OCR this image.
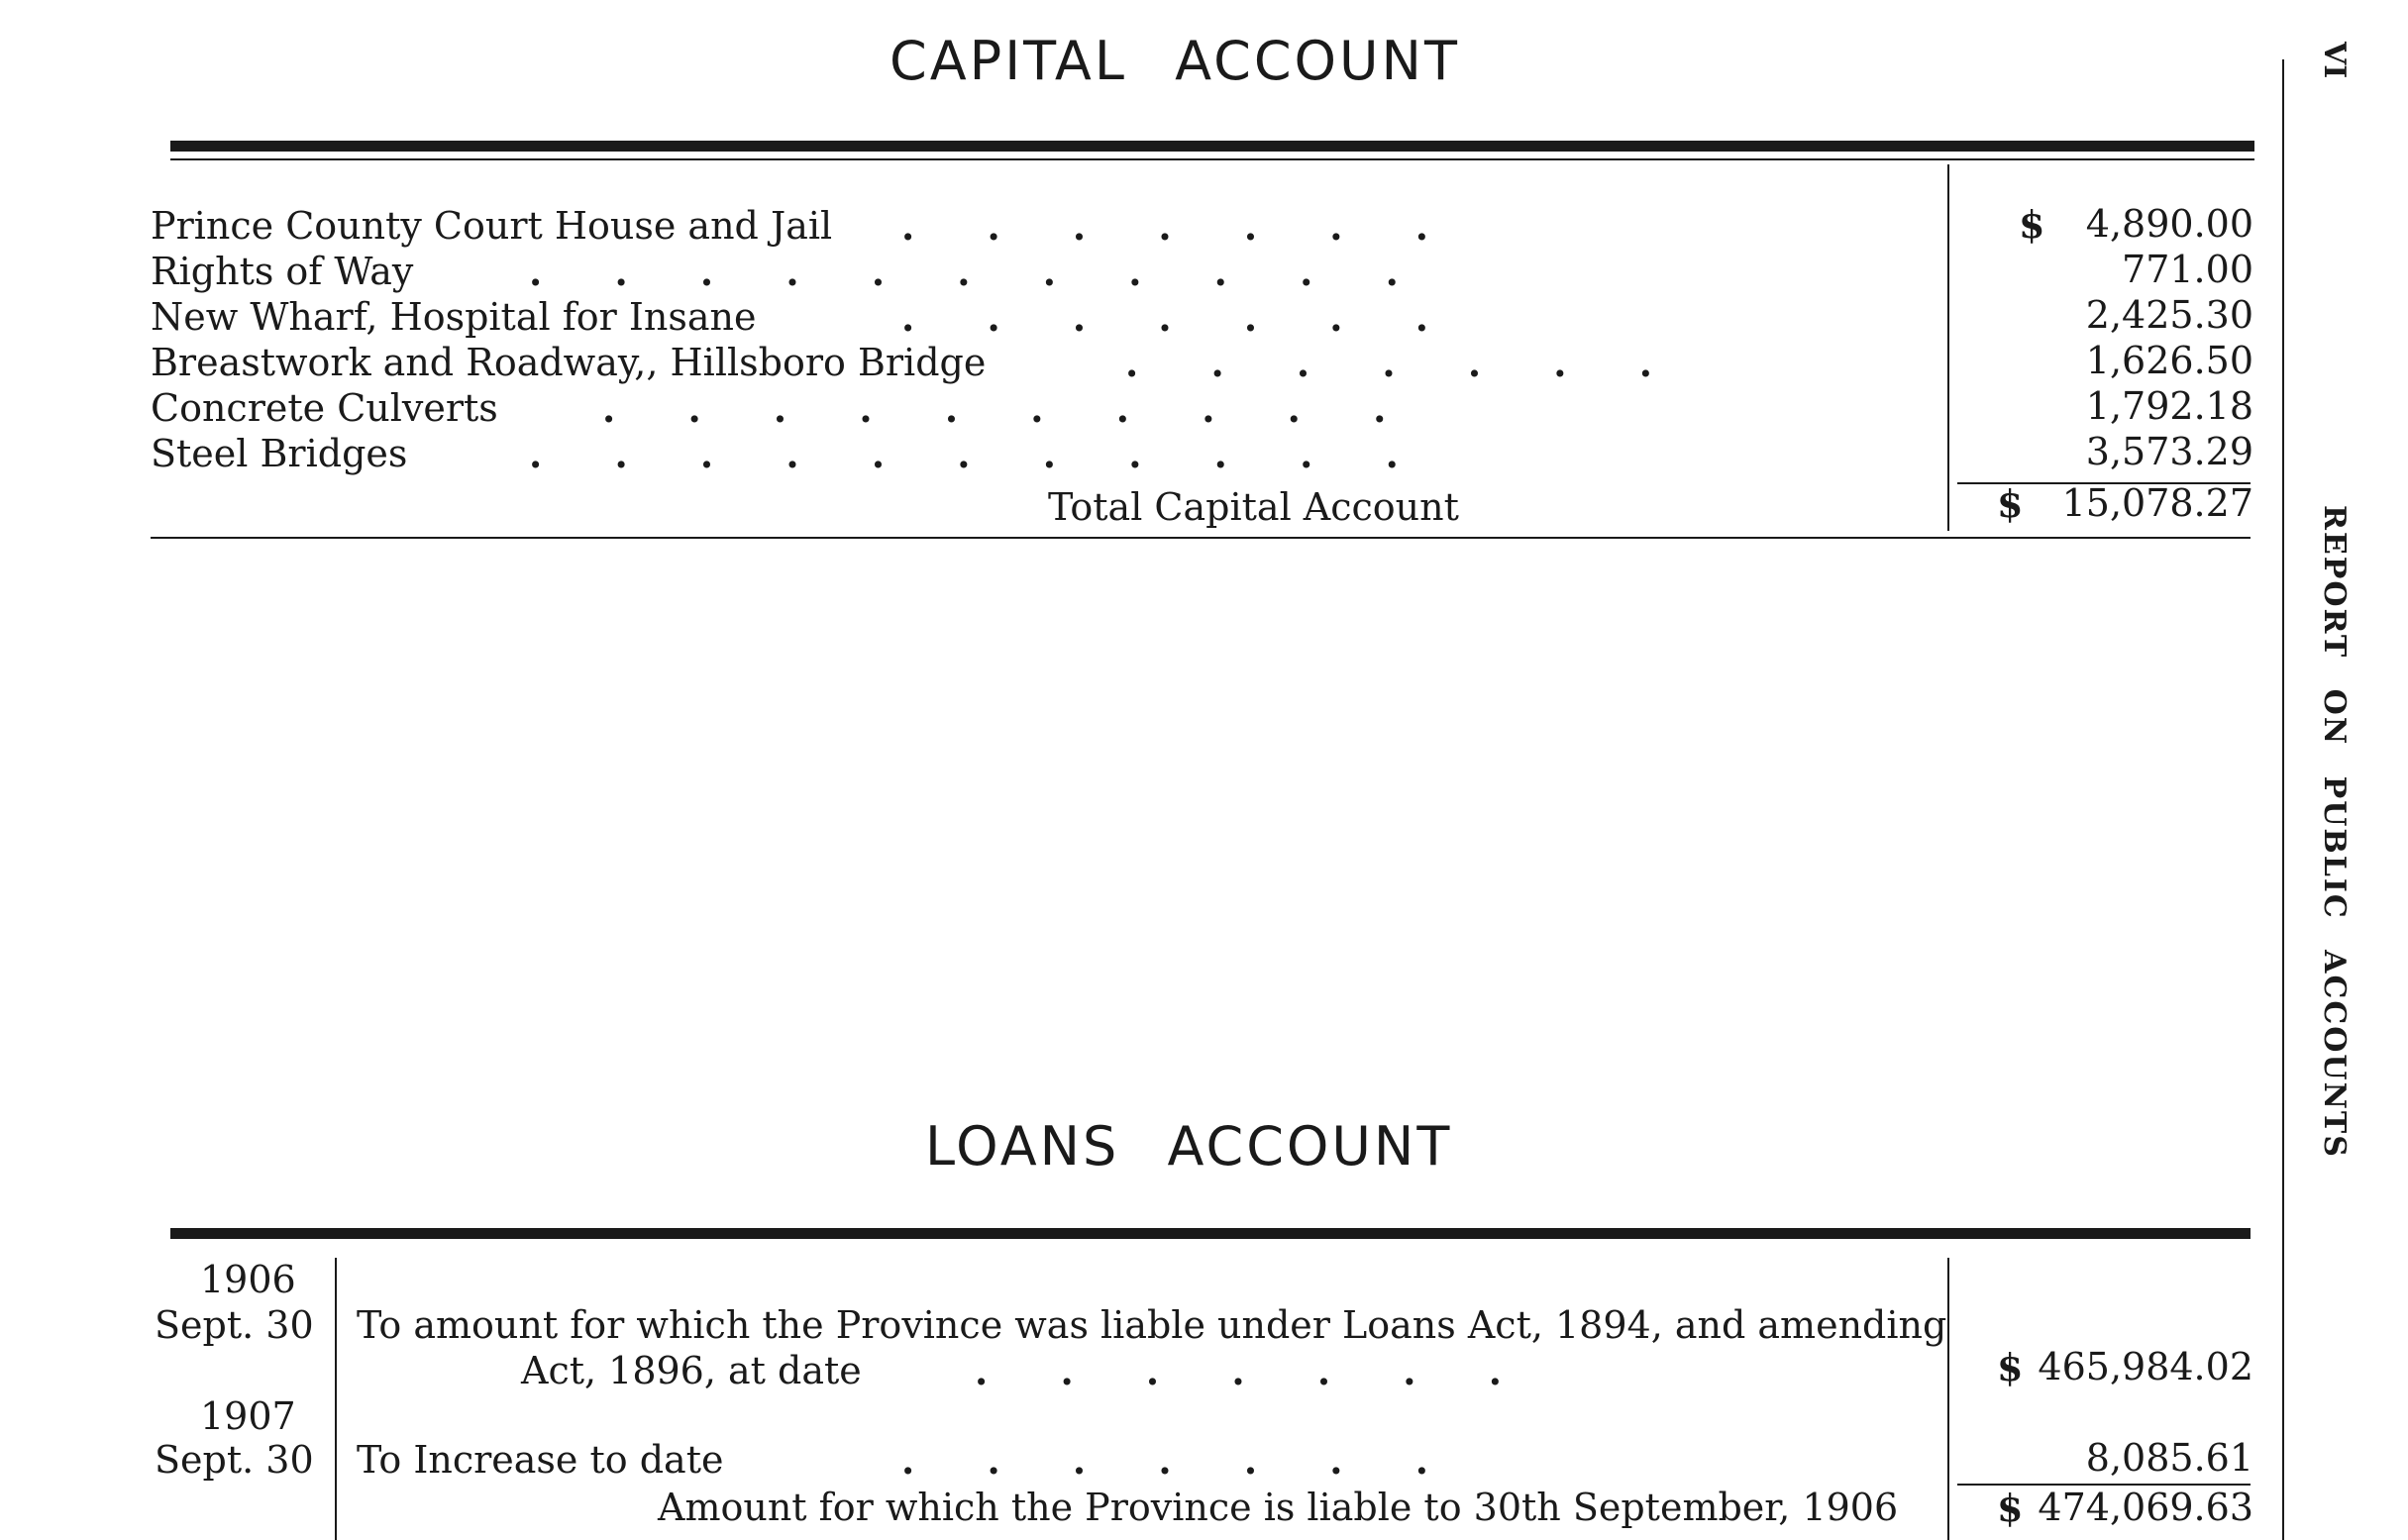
CAPITAL ACCOUNT
Prince County Court House and Jail . . . . . . .	$ 4,890.00
Rights of Way	. . . . . . . . . . .	771.00
New Wharf, Hospital for Insane	. . . . . . .	2,425.30
Breastwork and Roadway,, Hillsboro Bridge	. . . . . . .	1,626.50
Concrete Culverts	. . . . . . . . . .	1,792.18
Steel Bridges	. . . . . . . . . . .	3,573.29
Total Capital Account	$ 15,078.27
LOANS ACCOUNT
1906
Sept. 30 To amount for which the Province was liable under Loans Act, 1894, and amending
Act, 1896, at date	. . . . . . .	$ 465,984.02
1907
Sept. 30 To Increase to date	. . . . . . .	8,085.61
Amount for which the Province is liable to 30th September, 1906	$ 474,069.63
VI
REPORT ON PUBLIC ACCOUNTS
